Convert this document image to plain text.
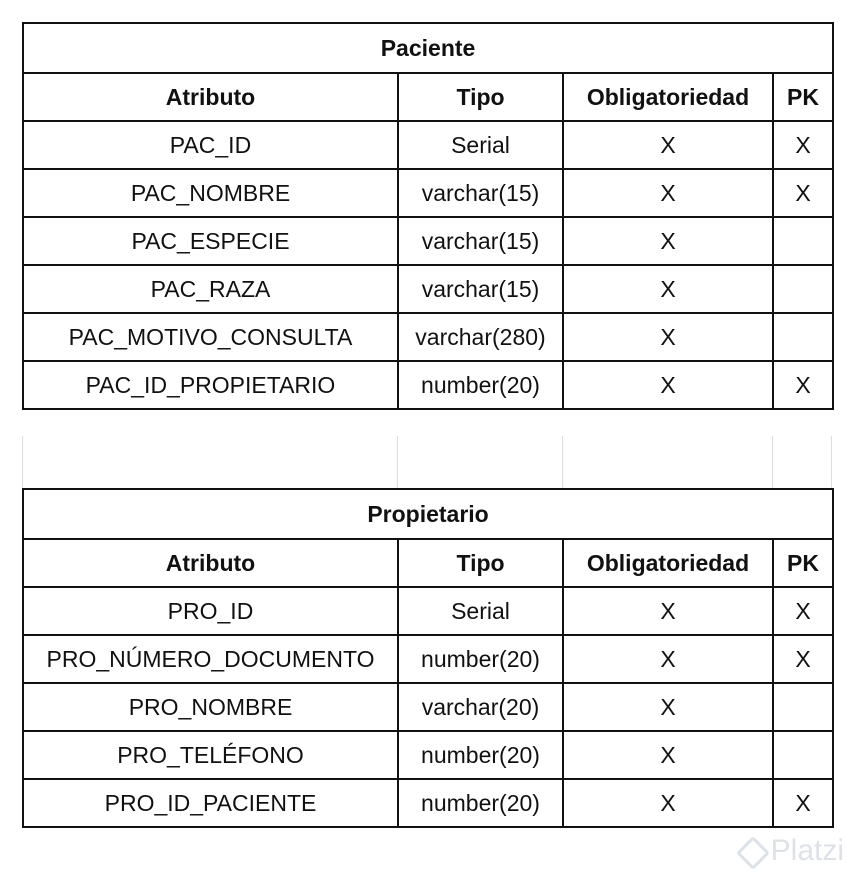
Paciente			
Atributo	Tipo	Obligatoriedad	PK
PAC_ID	Serial	X	X
PAC_NOMBRE	varchar(15)	X	X
PAC_ESPECIE	varchar(15)	X	
PAC_RAZA	varchar(15)	X	
PAC_MOTIVO_CONSULTA	varchar(280)	X	
PAC_ID_PROPIETARIO	number(20)	X	X
Propietario			
Atributo	Tipo	Obligatoriedad	PK
PRO_ID	Serial	X	X
PRO_NÚMERO_DOCUMENTO	number(20)	X	X
PRO_NOMBRE	varchar(20)	X	
PRO_TELÉFONO	number(20)	X	
PRO_ID_PACIENTE	number(20)	X	X
Platzi
